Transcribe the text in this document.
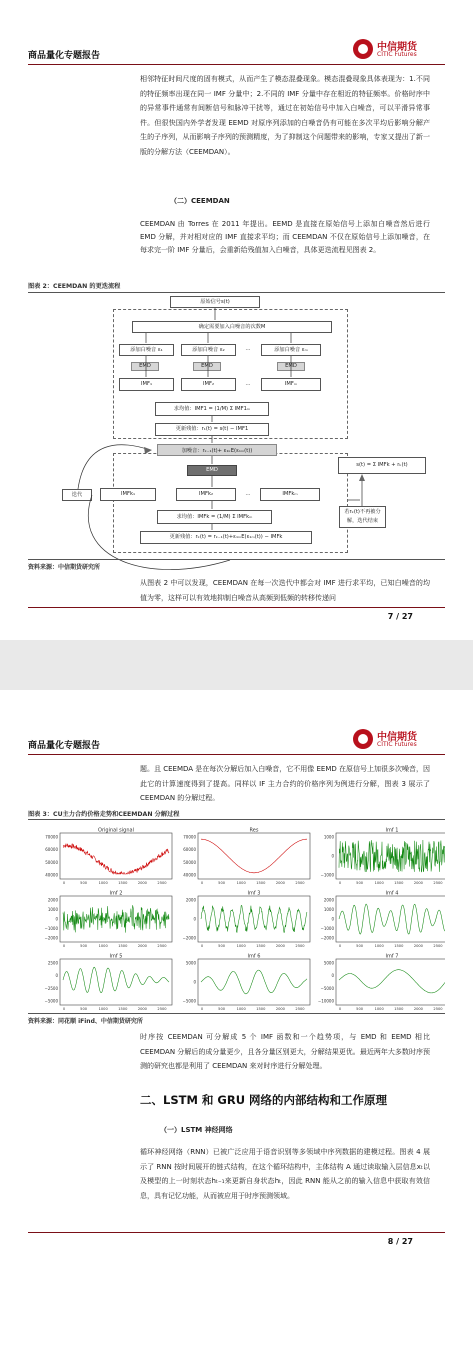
商品量化专题报告
中信期货
CITIC Futures
相邻特征时间尺度的固有模式，从而产生了模态混叠现象。模态混叠现象具体表现为：1.不同的特征频率出现在同一 IMF 分量中；2.不同的 IMF 分量中存在相近的特征频率。价格时序中的异常事件通常有间断信号和脉冲干扰等，通过在初始信号中加入白噪音，可以平滑异常事件。但很快国内外学者发现 EEMD 对原序列添加的白噪音仍有可能在多次平均后影响分解产生的子序列，从而影响子序列的预测精度，为了抑制这个问题带来的影响，专家又提出了新一版的分解方法（CEEMDAN）。
（二）CEEMDAN
CEEMDAN 由 Torres 在 2011 年提出。EEMD 是直接在原始信号上添加白噪音然后进行 EMD 分解，并对相对应的 IMF 直接求平均；而 CEEMDAN 不仅在原始信号上添加噪音，在每求完一阶 IMF 分量后，会重新给残值加入白噪音，具体更迭流程见图表 2。
图表 2：CEEMDAN 的更迭流程
原始信号s(t)
确定需要加入白噪音的次数M
添加白噪音 ε₁	添加白噪音 ε₂	…	添加白噪音 εₘ
EMD	EMD	EMD
IMF₁	IMF₂	…	IMFₘ
求均值：IMF1 = (1/M) Σ IMF1ₘ
更新残值：r₁(t) = s(t) − IMF1
加噪音：rₖ₋₁(t)+ ε₁ₖE(ε₁ₘ(t))
EMD
IMFk₁	IMFk₂	…	IMFkₘ
求均值：IMFk = (1/M) Σ IMFkₘ
更新残值：rₖ(t) = rₖ₋₁(t)+ε₁ₘE(ε₁ₘ(t)) − IMFk
迭代
s(t) = Σ IMFk + rₖ(t)
若rₖ(t)不再被分解，迭代结束
资料来源：中信期货研究所
从图表 2 中可以发现，CEEMDAN 在每一次迭代中都会对 IMF 进行求平均，已知白噪音的均值为零，这样可以有效地抑制白噪音从高频到低频的转移传递问
7 / 27
商品量化专题报告
中信期货
CITIC Futures
题。且 CEEMDA 是在每次分解后加入白噪音，它不用像 EEMD 在原信号上加很多次噪音，因此它的计算速度得到了提高。同样以 IF 主力合约的价格序列为例进行分解，图表 3 展示了 CEEMDAN 的分解过程。
图表 3：CU主力合约价格走势和CEEMDAN 分解过程
Original signal
70000
60000
50000
40000
0	500	1000	1500	2000	2500
Res
70000
60000
50000
40000
0	500	1000	1500	2000	2500
Imf 1
1000
0
−1000
0	500	1000	1500	2000	2500
Imf 2
2000
1000
0
−1000
−2000
0	500	1000	1500	2000	2500
Imf 3
2000
0
−2000
0	500	1000	1500	2000	2500
Imf 4
2000
1000
0
−1000
−2000
0	500	1000	1500	2000	2500
Imf 5
2500
0
−2500
−5000
0	500	1000	1500	2000	2500
Imf 6
5000
0
−5000
0	500	1000	1500	2000	2500
Imf 7
5000
0
−5000
−10000
0	500	1000	1500	2000	2500
资料来源：同花顺 iFind、中信期货研究所
时序按 CEEMDAN 可分解成 5 个 IMF 函数和一个趋势项，与 EMD 和 EEMD 相比 CEEMDAN 分解后的成分量更少，且各分量区别更大，分解结果更优。最近两年大多数时序预测的研究也都是利用了 CEEMDAN 来对时序进行分解处理。
二、LSTM 和 GRU 网络的内部结构和工作原理
（一）LSTM 神经网络
循环神经网络（RNN）已被广泛应用于语音识别等多领域中序列数据的建模过程。图表 4 展示了 RNN 按时间展开的链式结构，在这个循环结构中，主体结构 A 通过读取输入层信息xₜ以及模型的上一时刻状态hₜ₋₁来更新自身状态hₜ，因此 RNN 能从之前的输入信息中获取有效信息，具有记忆功能，从而被应用于时序预测领域。
8 / 27
